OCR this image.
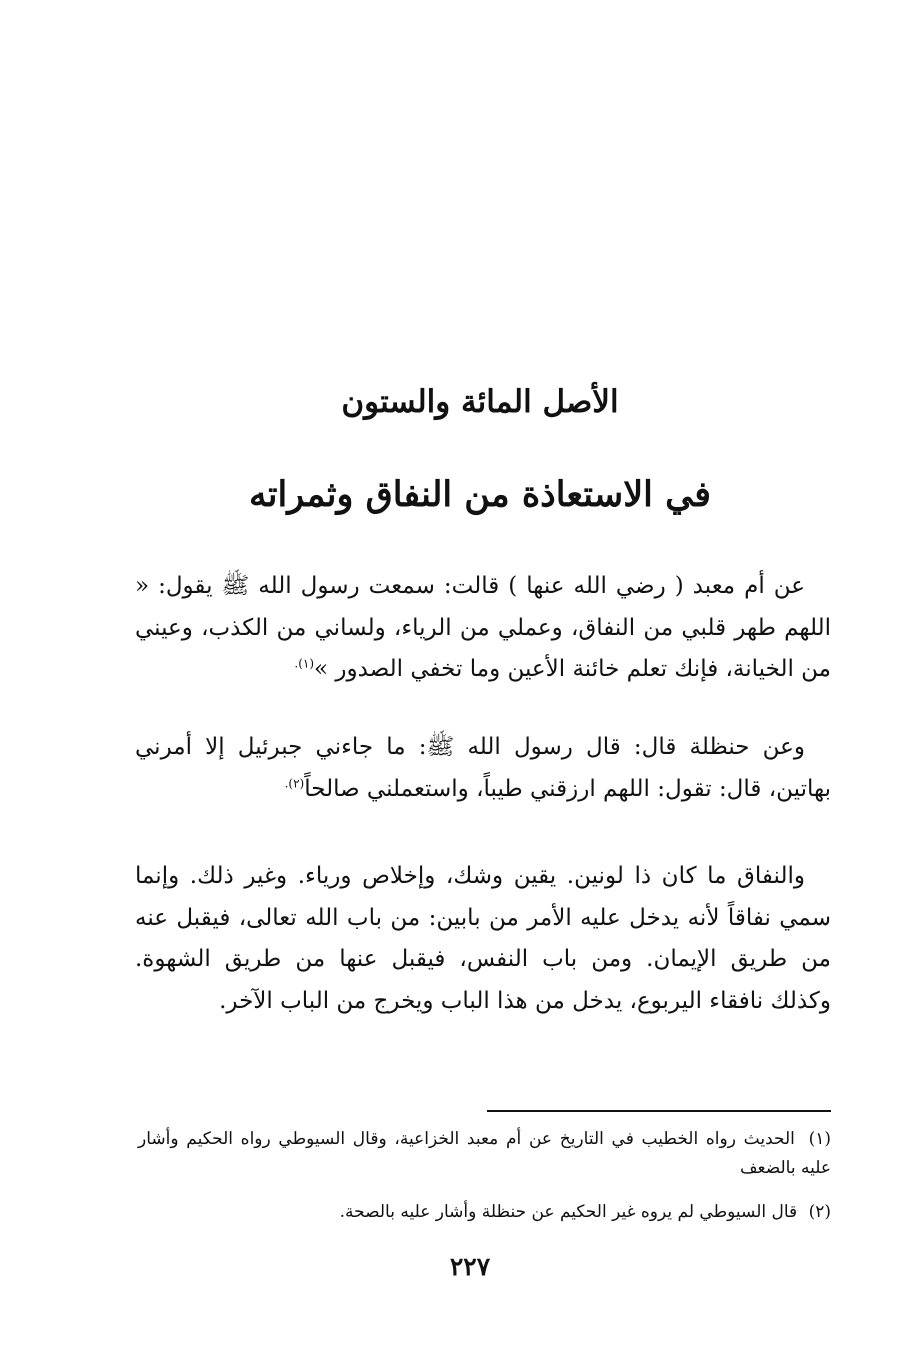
الأصل المائة والستون
في الاستعاذة من النفاق وثمراته
عن أم معبد ( رضي الله عنها ) قالت: سمعت رسول الله ﷺ يقول: « اللهم طهر قلبي من النفاق، وعملي من الرياء، ولساني من الكذب، وعيني من الخيانة، فإنك تعلم خائنة الأعين وما تخفي الصدور »$^{(١).}$
وعن حنظلة قال: قال رسول الله ﷺ: ما جاءني جبرئيل إلا أمرني بهاتين، قال: تقول: اللهم ارزقني طيباً، واستعملني صالحاً$^{(٢).}$
والنفاق ما كان ذا لونين. يقين وشك، وإخلاص ورياء. وغير ذلك. وإنما سمي نفاقاً لأنه يدخل عليه الأمر من بابين: من باب الله تعالى، فيقبل عنه من طريق الإيمان. ومن باب النفس، فيقبل عنها من طريق الشهوة. وكذلك نافقاء اليربوع، يدخل من هذا الباب ويخرج من الباب الآخر.
(١) الحديث رواه الخطيب في التاريخ عن أم معبد الخزاعية، وقال السيوطي رواه الحكيم وأشار عليه بالضعف
(٢) قال السيوطي لم يروه غير الحكيم عن حنظلة وأشار عليه بالصحة.
٢٢٧
